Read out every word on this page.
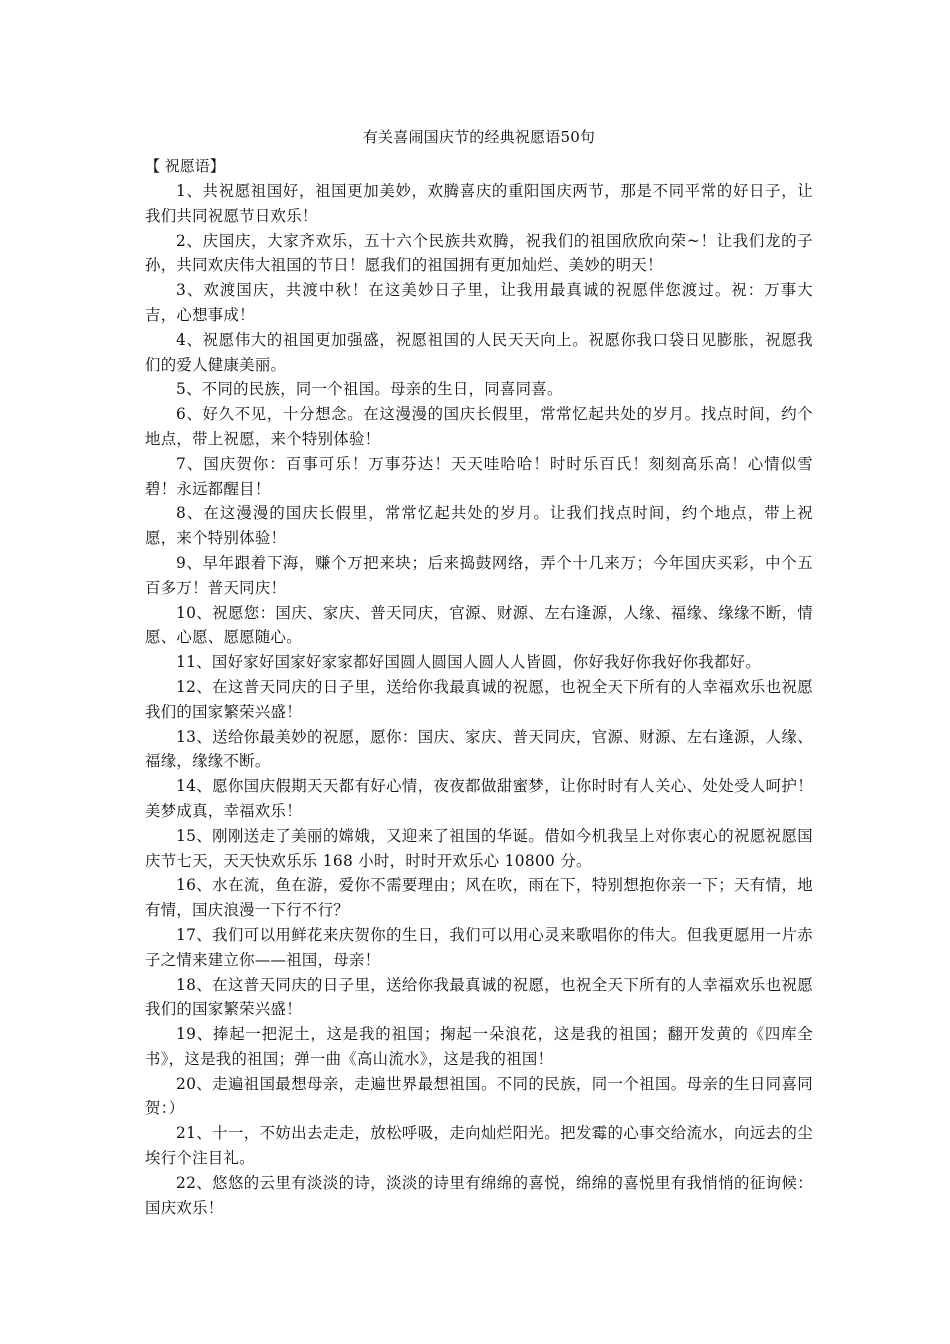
有关喜闹国庆节的经典祝愿语50句

【 祝愿语】

1、共祝愿祖国好，祖国更加美妙，欢腾喜庆的重阳国庆两节，那是不同平常的好日子，让我们共同祝愿节日欢乐！

2、庆国庆，大家齐欢乐，五十六个民族共欢腾，祝我们的祖国欣欣向荣~！让我们龙的子孙，共同欢庆伟大祖国的节日！愿我们的祖国拥有更加灿烂、美妙的明天！

3、欢渡国庆，共渡中秋！在这美妙日子里，让我用最真诚的祝愿伴您渡过。祝：万事大吉，心想事成！

4、祝愿伟大的祖国更加强盛，祝愿祖国的人民天天向上。祝愿你我口袋日见膨胀，祝愿我们的爱人健康美丽。

5、不同的民族，同一个祖国。母亲的生日，同喜同喜。

6、好久不见，十分想念。在这漫漫的国庆长假里，常常忆起共处的岁月。找点时间，约个地点，带上祝愿，来个特别体验！

7、国庆贺你：百事可乐！万事芬达！天天哇哈哈！时时乐百氏！刻刻高乐高！心情似雪碧！永远都醒目！

8、在这漫漫的国庆长假里，常常忆起共处的岁月。让我们找点时间，约个地点，带上祝愿，来个特别体验！

9、早年跟着下海，赚个万把来块；后来捣鼓网络，弄个十几来万；今年国庆买彩，中个五百多万！普天同庆！

10、祝愿您：国庆、家庆、普天同庆，官源、财源、左右逢源，人缘、福缘、缘缘不断，情愿、心愿、愿愿随心。

11、国好家好国家好家家都好国圆人圆国人圆人人皆圆，你好我好你我好你我都好。

12、在这普天同庆的日子里，送给你我最真诚的祝愿，也祝全天下所有的人幸福欢乐也祝愿我们的国家繁荣兴盛！

13、送给你最美妙的祝愿，愿你：国庆、家庆、普天同庆，官源、财源、左右逢源，人缘、福缘，缘缘不断。

14、愿你国庆假期天天都有好心情，夜夜都做甜蜜梦，让你时时有人关心、处处受人呵护！美梦成真，幸福欢乐！

15、刚刚送走了美丽的嫦娥，又迎来了祖国的华诞。借如今机我呈上对你衷心的祝愿祝愿国庆节七天，天天快欢乐乐 168 小时，时时开欢乐心 10800 分。

16、水在流，鱼在游，爱你不需要理由；风在吹，雨在下，特别想抱你亲一下；天有情，地有情，国庆浪漫一下行不行？

17、我们可以用鲜花来庆贺你的生日，我们可以用心灵来歌唱你的伟大。但我更愿用一片赤子之情来建立你——祖国，母亲！

18、在这普天同庆的日子里，送给你我最真诚的祝愿，也祝全天下所有的人幸福欢乐也祝愿我们的国家繁荣兴盛！

19、捧起一把泥土，这是我的祖国；掬起一朵浪花，这是我的祖国；翻开发黄的《四库全书》，这是我的祖国；弹一曲《高山流水》，这是我的祖国！

20、走遍祖国最想母亲，走遍世界最想祖国。不同的民族，同一个祖国。母亲的生日同喜同贺：）

21、十一，不妨出去走走，放松呼吸，走向灿烂阳光。把发霉的心事交给流水，向远去的尘埃行个注目礼。

22、悠悠的云里有淡淡的诗，淡淡的诗里有绵绵的喜悦，绵绵的喜悦里有我悄悄的征询候：国庆欢乐！
